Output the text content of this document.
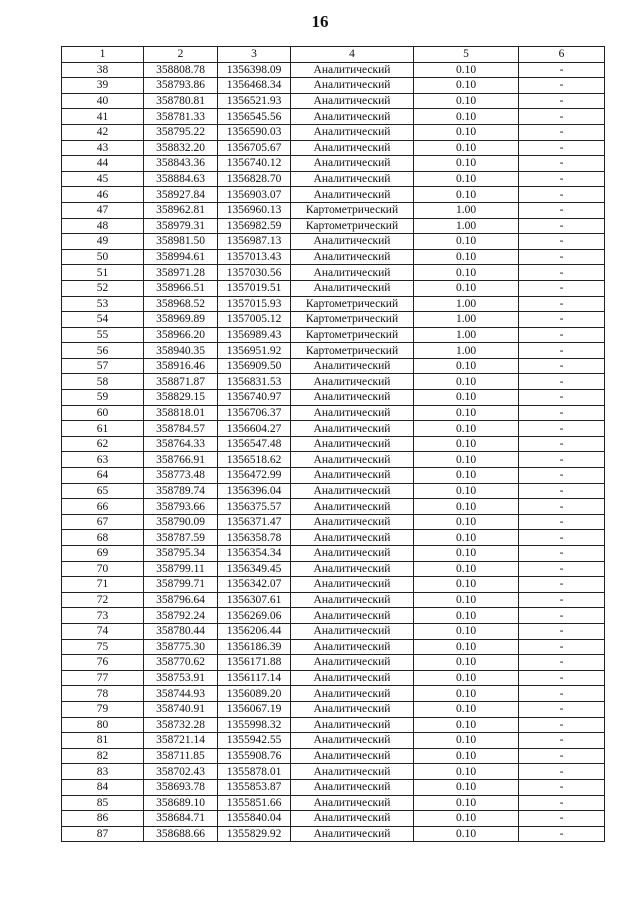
16
1	2	3	4	5	6
38	358808.78	1356398.09	Аналитический	0.10	-
39	358793.86	1356468.34	Аналитический	0.10	-
40	358780.81	1356521.93	Аналитический	0.10	-
41	358781.33	1356545.56	Аналитический	0.10	-
42	358795.22	1356590.03	Аналитический	0.10	-
43	358832.20	1356705.67	Аналитический	0.10	-
44	358843.36	1356740.12	Аналитический	0.10	-
45	358884.63	1356828.70	Аналитический	0.10	-
46	358927.84	1356903.07	Аналитический	0.10	-
47	358962.81	1356960.13	Картометрический	1.00	-
48	358979.31	1356982.59	Картометрический	1.00	-
49	358981.50	1356987.13	Аналитический	0.10	-
50	358994.61	1357013.43	Аналитический	0.10	-
51	358971.28	1357030.56	Аналитический	0.10	-
52	358966.51	1357019.51	Аналитический	0.10	-
53	358968.52	1357015.93	Картометрический	1.00	-
54	358969.89	1357005.12	Картометрический	1.00	-
55	358966.20	1356989.43	Картометрический	1.00	-
56	358940.35	1356951.92	Картометрический	1.00	-
57	358916.46	1356909.50	Аналитический	0.10	-
58	358871.87	1356831.53	Аналитический	0.10	-
59	358829.15	1356740.97	Аналитический	0.10	-
60	358818.01	1356706.37	Аналитический	0.10	-
61	358784.57	1356604.27	Аналитический	0.10	-
62	358764.33	1356547.48	Аналитический	0.10	-
63	358766.91	1356518.62	Аналитический	0.10	-
64	358773.48	1356472.99	Аналитический	0.10	-
65	358789.74	1356396.04	Аналитический	0.10	-
66	358793.66	1356375.57	Аналитический	0.10	-
67	358790.09	1356371.47	Аналитический	0.10	-
68	358787.59	1356358.78	Аналитический	0.10	-
69	358795.34	1356354.34	Аналитический	0.10	-
70	358799.11	1356349.45	Аналитический	0.10	-
71	358799.71	1356342.07	Аналитический	0.10	-
72	358796.64	1356307.61	Аналитический	0.10	-
73	358792.24	1356269.06	Аналитический	0.10	-
74	358780.44	1356206.44	Аналитический	0.10	-
75	358775.30	1356186.39	Аналитический	0.10	-
76	358770.62	1356171.88	Аналитический	0.10	-
77	358753.91	1356117.14	Аналитический	0.10	-
78	358744.93	1356089.20	Аналитический	0.10	-
79	358740.91	1356067.19	Аналитический	0.10	-
80	358732.28	1355998.32	Аналитический	0.10	-
81	358721.14	1355942.55	Аналитический	0.10	-
82	358711.85	1355908.76	Аналитический	0.10	-
83	358702.43	1355878.01	Аналитический	0.10	-
84	358693.78	1355853.87	Аналитический	0.10	-
85	358689.10	1355851.66	Аналитический	0.10	-
86	358684.71	1355840.04	Аналитический	0.10	-
87	358688.66	1355829.92	Аналитический	0.10	-
